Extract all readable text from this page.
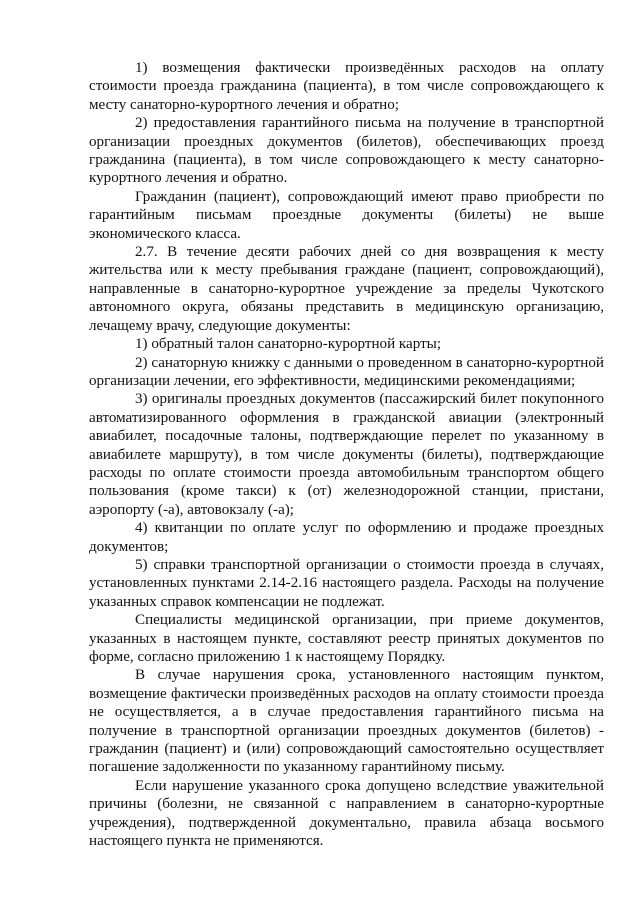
1) возмещения фактически произведённых расходов на оплату стоимости проезда гражданина (пациента), в том числе сопровождающего к месту санаторно-курортного лечения и обратно;

2) предоставления гарантийного письма на получение в транспортной организации проездных документов (билетов), обеспечивающих проезд гражданина (пациента), в том числе сопровождающего к месту санаторно-курортного лечения и обратно.

Гражданин (пациент), сопровождающий имеют право приобрести по гарантийным письмам проездные документы (билеты) не выше экономического класса.

2.7. В течение десяти рабочих дней со дня возвращения к месту жительства или к месту пребывания граждане (пациент, сопровождающий), направленные в санаторно-курортное учреждение за пределы Чукотского автономного округа, обязаны представить в медицинскую организацию, лечащему врачу, следующие документы:

1) обратный талон санаторно-курортной карты;

2) санаторную книжку с данными о проведенном в санаторно-курортной организации лечении, его эффективности, медицинскими рекомендациями;

3) оригиналы проездных документов (пассажирский билет покупонного автоматизированного оформления в гражданской авиации (электронный авиабилет, посадочные талоны, подтверждающие перелет по указанному в авиабилете маршруту), в том числе документы (билеты), подтверждающие расходы по оплате стоимости проезда автомобильным транспортом общего пользования (кроме такси) к (от) железнодорожной станции, пристани, аэропорту (-а), автовокзалу (-а);

4) квитанции по оплате услуг по оформлению и продаже проездных документов;

5) справки транспортной организации о стоимости проезда в случаях, установленных пунктами 2.14-2.16 настоящего раздела. Расходы на получение указанных справок компенсации не подлежат.

Специалисты медицинской организации, при приеме документов, указанных в настоящем пункте, составляют реестр принятых документов по форме, согласно приложению 1 к настоящему Порядку.

В случае нарушения срока, установленного настоящим пунктом, возмещение фактически произведённых расходов на оплату стоимости проезда не осуществляется, а в случае предоставления гарантийного письма на получение в транспортной организации проездных документов (билетов) - гражданин (пациент) и (или) сопровождающий самостоятельно осуществляет погашение задолженности по указанному гарантийному письму.

Если нарушение указанного срока допущено вследствие уважительной причины (болезни, не связанной с направлением в санаторно-курортные учреждения), подтвержденной документально, правила абзаца восьмого настоящего пункта не применяются.
